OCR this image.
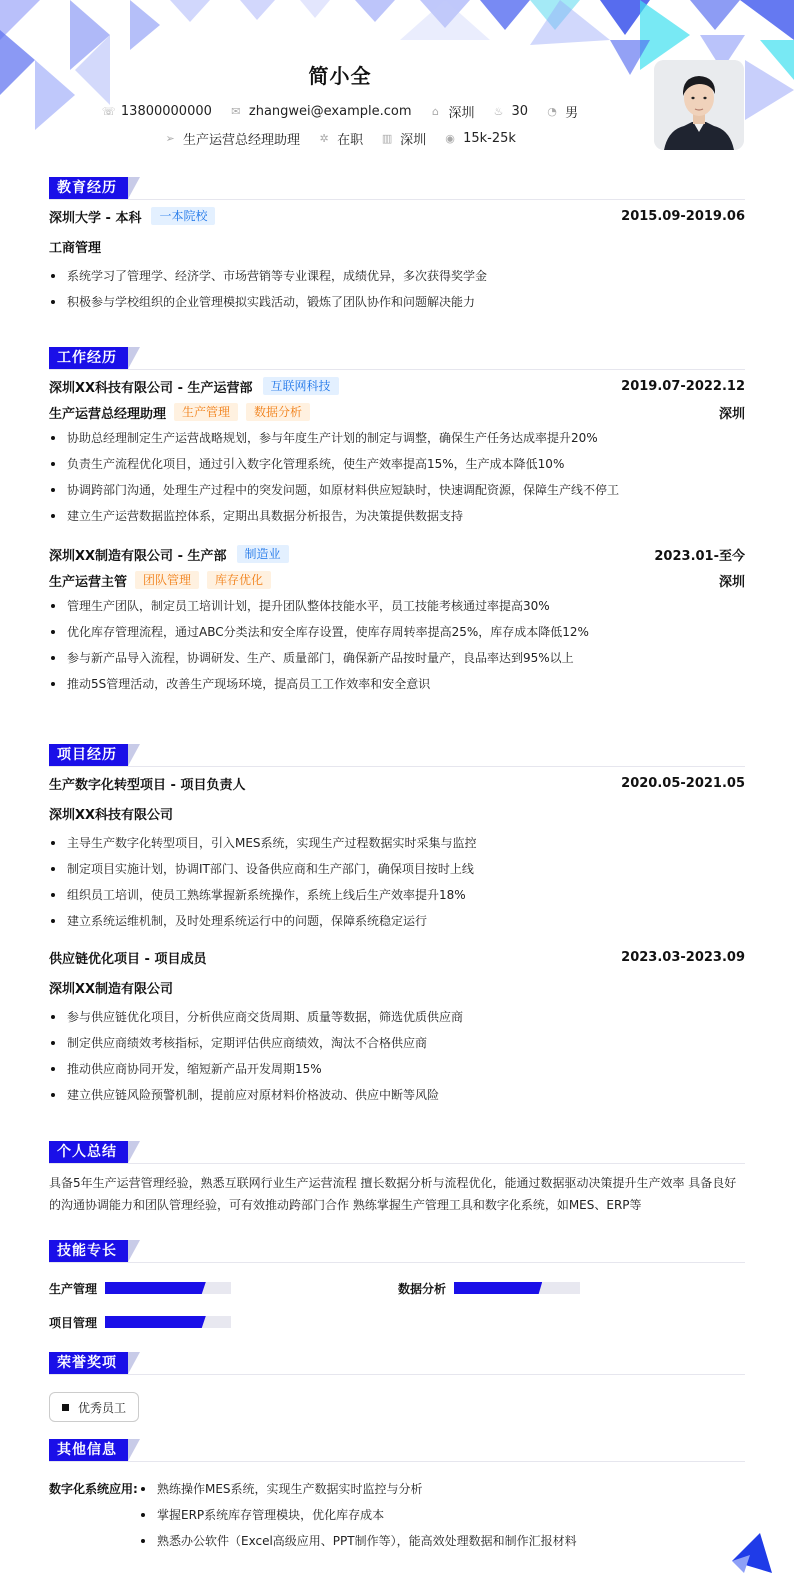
简小全
☏ 13800000000 ✉ zhangwei@example.com ⌂ 深圳 ♨ 30 ◔ 男
➢ 生产运营总经理助理 ✲ 在职 ▥ 深圳 ◉ 15k-25k
教育经历
深圳大学 - 本科	一本院校	2015.09-2019.06
工商管理
系统学习了管理学、经济学、市场营销等专业课程，成绩优异，多次获得奖学金
积极参与学校组织的企业管理模拟实践活动，锻炼了团队协作和问题解决能力
工作经历
深圳XX科技有限公司 - 生产运营部	互联网科技	2019.07-2022.12
生产运营总经理助理	生产管理	数据分析	深圳
协助总经理制定生产运营战略规划，参与年度生产计划的制定与调整，确保生产任务达成率提升20%
负责生产流程优化项目，通过引入数字化管理系统，使生产效率提高15%，生产成本降低10%
协调跨部门沟通，处理生产过程中的突发问题，如原材料供应短缺时，快速调配资源，保障生产线不停工
建立生产运营数据监控体系，定期出具数据分析报告，为决策提供数据支持
深圳XX制造有限公司 - 生产部	制造业	2023.01-至今
生产运营主管	团队管理	库存优化	深圳
管理生产团队，制定员工培训计划，提升团队整体技能水平，员工技能考核通过率提高30%
优化库存管理流程，通过ABC分类法和安全库存设置，使库存周转率提高25%，库存成本降低12%
参与新产品导入流程，协调研发、生产、质量部门，确保新产品按时量产，良品率达到95%以上
推动5S管理活动，改善生产现场环境，提高员工工作效率和安全意识
项目经历
生产数字化转型项目 - 项目负责人	2020.05-2021.05
深圳XX科技有限公司
主导生产数字化转型项目，引入MES系统，实现生产过程数据实时采集与监控
制定项目实施计划，协调IT部门、设备供应商和生产部门，确保项目按时上线
组织员工培训，使员工熟练掌握新系统操作，系统上线后生产效率提升18%
建立系统运维机制，及时处理系统运行中的问题，保障系统稳定运行
供应链优化项目 - 项目成员	2023.03-2023.09
深圳XX制造有限公司
参与供应链优化项目，分析供应商交货周期、质量等数据，筛选优质供应商
制定供应商绩效考核指标，定期评估供应商绩效，淘汰不合格供应商
推动供应商协同开发，缩短新产品开发周期15%
建立供应链风险预警机制，提前应对原材料价格波动、供应中断等风险
个人总结
具备5年生产运营管理经验，熟悉互联网行业生产运营流程 擅长数据分析与流程优化，能通过数据驱动决策提升生产效率 具备良好
的沟通协调能力和团队管理经验，可有效推动跨部门合作 熟练掌握生产管理工具和数字化系统，如MES、ERP等
技能专长
生产管理	数据分析
项目管理
荣誉奖项
优秀员工
其他信息
数字化系统应用:	熟练操作MES系统，实现生产数据实时监控与分析
掌握ERP系统库存管理模块，优化库存成本
熟悉办公软件（Excel高级应用、PPT制作等），能高效处理数据和制作汇报材料
